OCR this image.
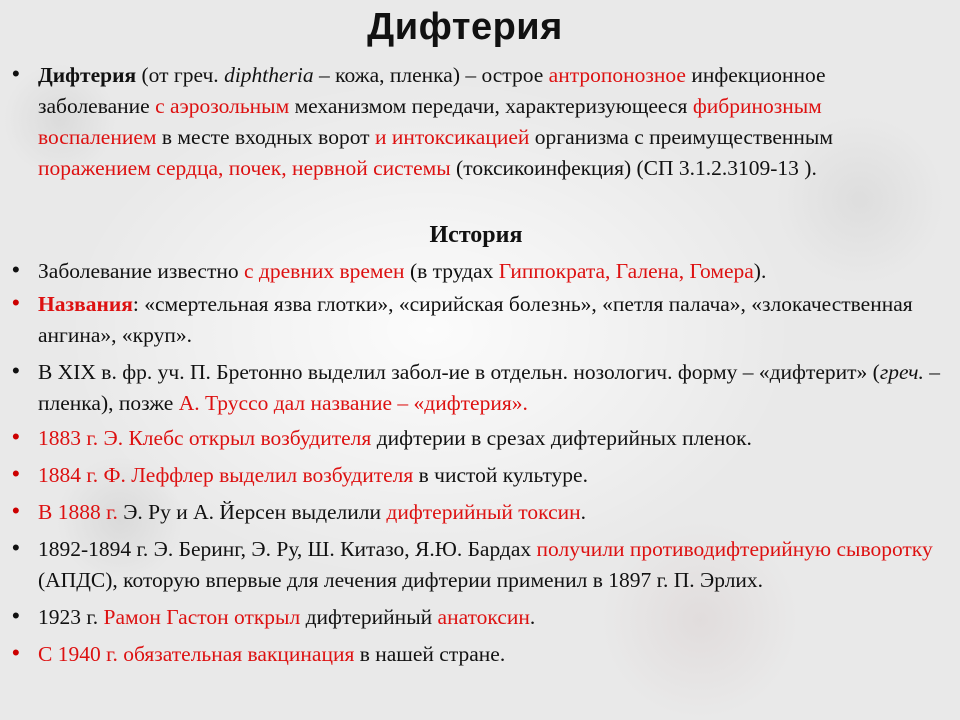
Дифтерия
• Дифтерия (от греч. diphtheria – кожа, пленка) – острое антропонозное инфекционное заболевание с аэрозольным механизмом передачи, характеризующееся фибринозным воспалением в месте входных ворот и интоксикацией организма с преимущественным поражением сердца, почек, нервной системы (токсикоинфекция) (СП 3.1.2.3109-13 ).
История
• Заболевание известно с древних времен (в трудах Гиппократа, Галена, Гомера).
• Названия: «смертельная язва глотки», «сирийская болезнь», «петля палача», «злокачественная ангина», «круп».
• В XIX в. фр. уч. П. Бретонно выделил забол-ие в отдельн. нозологич. форму – «дифтерит» (греч. – пленка), позже А. Труссо дал название – «дифтерия».
• 1883 г. Э. Клебс открыл возбудителя дифтерии в срезах дифтерийных пленок.
• 1884 г. Ф. Леффлер выделил возбудителя в чистой культуре.
• В 1888 г. Э. Ру и А. Йерсен выделили дифтерийный токсин.
• 1892-1894 г. Э. Беринг, Э. Ру, Ш. Китазо, Я.Ю. Бардах получили противодифтерийную сыворотку (АПДС), которую впервые для лечения дифтерии применил в 1897 г. П. Эрлих.
• 1923 г. Рамон Гастон открыл дифтерийный анатоксин.
• С 1940 г. обязательная вакцинация в нашей стране.
